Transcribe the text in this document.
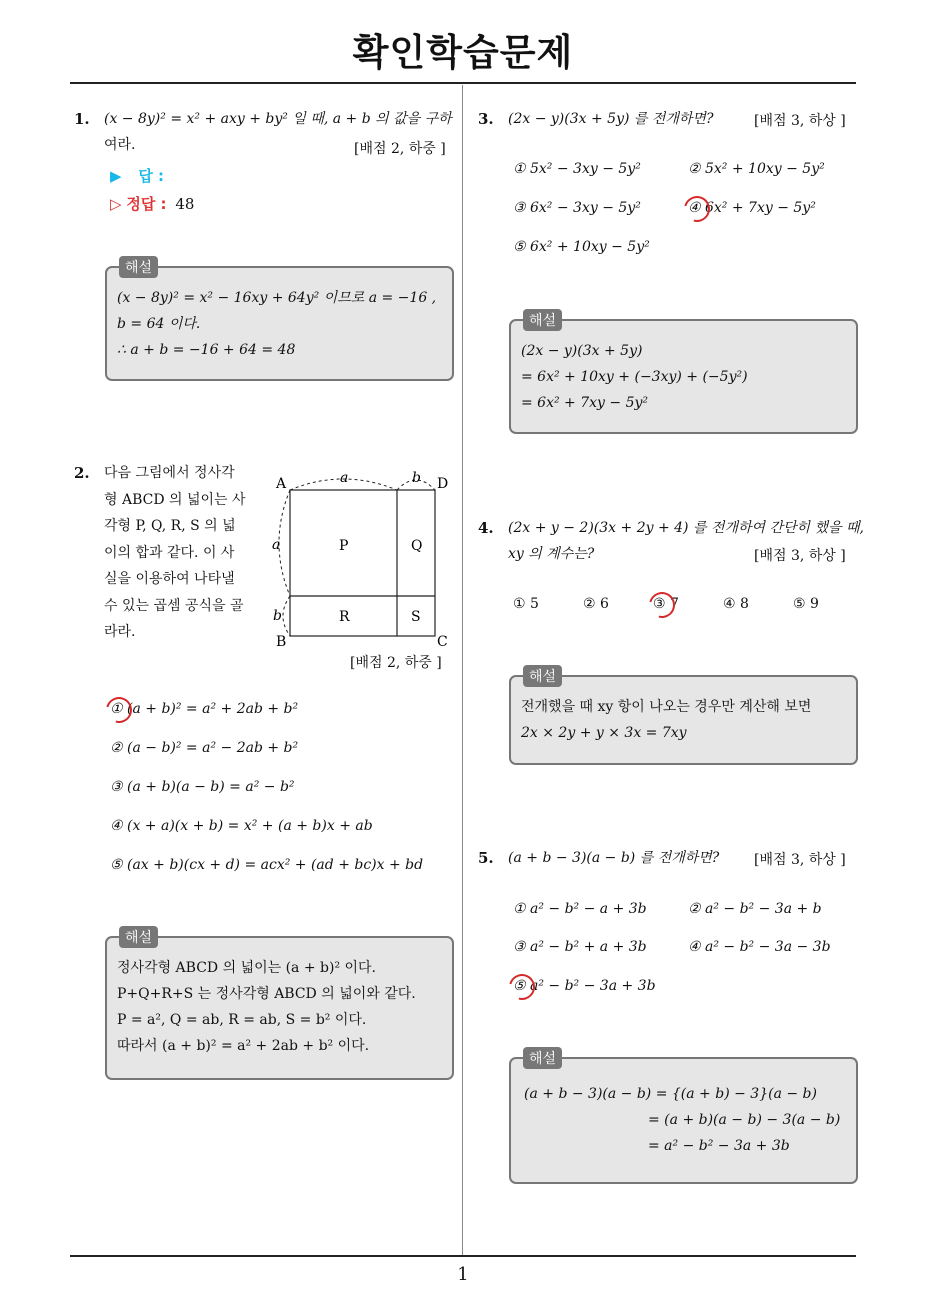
확인학습문제
1. (x − 8y)² = x² + axy + by² 일 때, a + b 의 값을 구하
여라.	[배점 2, 하중 ]
▶ 답 :
▷ 정답 : 48
해설
(x − 8y)² = x² − 16xy + 64y² 이므로 a = −16 ,
b = 64 이다.
∴ a + b = −16 + 64 = 48
2. 다음 그림에서 정사각
형 ABCD 의 넓이는 사
각형 P, Q, R, S 의 넓
이의 합과 같다. 이 사
실을 이용하여 나타낼
수 있는 곱셈 공식을 골
라라.
A	D
B	C
P	Q
R	S
a	b
a
b
[배점 2, 하중 ]
① (a + b)² = a² + 2ab + b²
② (a − b)² = a² − 2ab + b²
③ (a + b)(a − b) = a² − b²
④ (x + a)(x + b) = x² + (a + b)x + ab
⑤ (ax + b)(cx + d) = acx² + (ad + bc)x + bd
해설
정사각형 ABCD 의 넓이는 (a + b)² 이다.
P+Q+R+S 는 정사각형 ABCD 의 넓이와 같다.
P = a², Q = ab, R = ab, S = b² 이다.
따라서 (a + b)² = a² + 2ab + b² 이다.
3. (2x − y)(3x + 5y) 를 전개하면?	[배점 3, 하상 ]
① 5x² − 3xy − 5y²	② 5x² + 10xy − 5y²
③ 6x² − 3xy − 5y²	④ 6x² + 7xy − 5y²
⑤ 6x² + 10xy − 5y²
해설
(2x − y)(3x + 5y)
= 6x² + 10xy + (−3xy) + (−5y²)
= 6x² + 7xy − 5y²
4. (2x + y − 2)(3x + 2y + 4) 를 전개하여 간단히 했을 때,
xy 의 계수는?	[배점 3, 하상 ]
① 5	② 6	③ 7	④ 8	⑤ 9
해설
전개했을 때 xy 항이 나오는 경우만 계산해 보면
2x × 2y + y × 3x = 7xy
5. (a + b − 3)(a − b) 를 전개하면? [배점 3, 하상 ]
① a² − b² − a + 3b	② a² − b² − 3a + b
③ a² − b² + a + 3b	④ a² − b² − 3a − 3b
⑤ a² − b² − 3a + 3b
해설
(a + b − 3)(a − b) = {(a + b) − 3}(a − b)
= (a + b)(a − b) − 3(a − b)
= a² − b² − 3a + 3b
1
